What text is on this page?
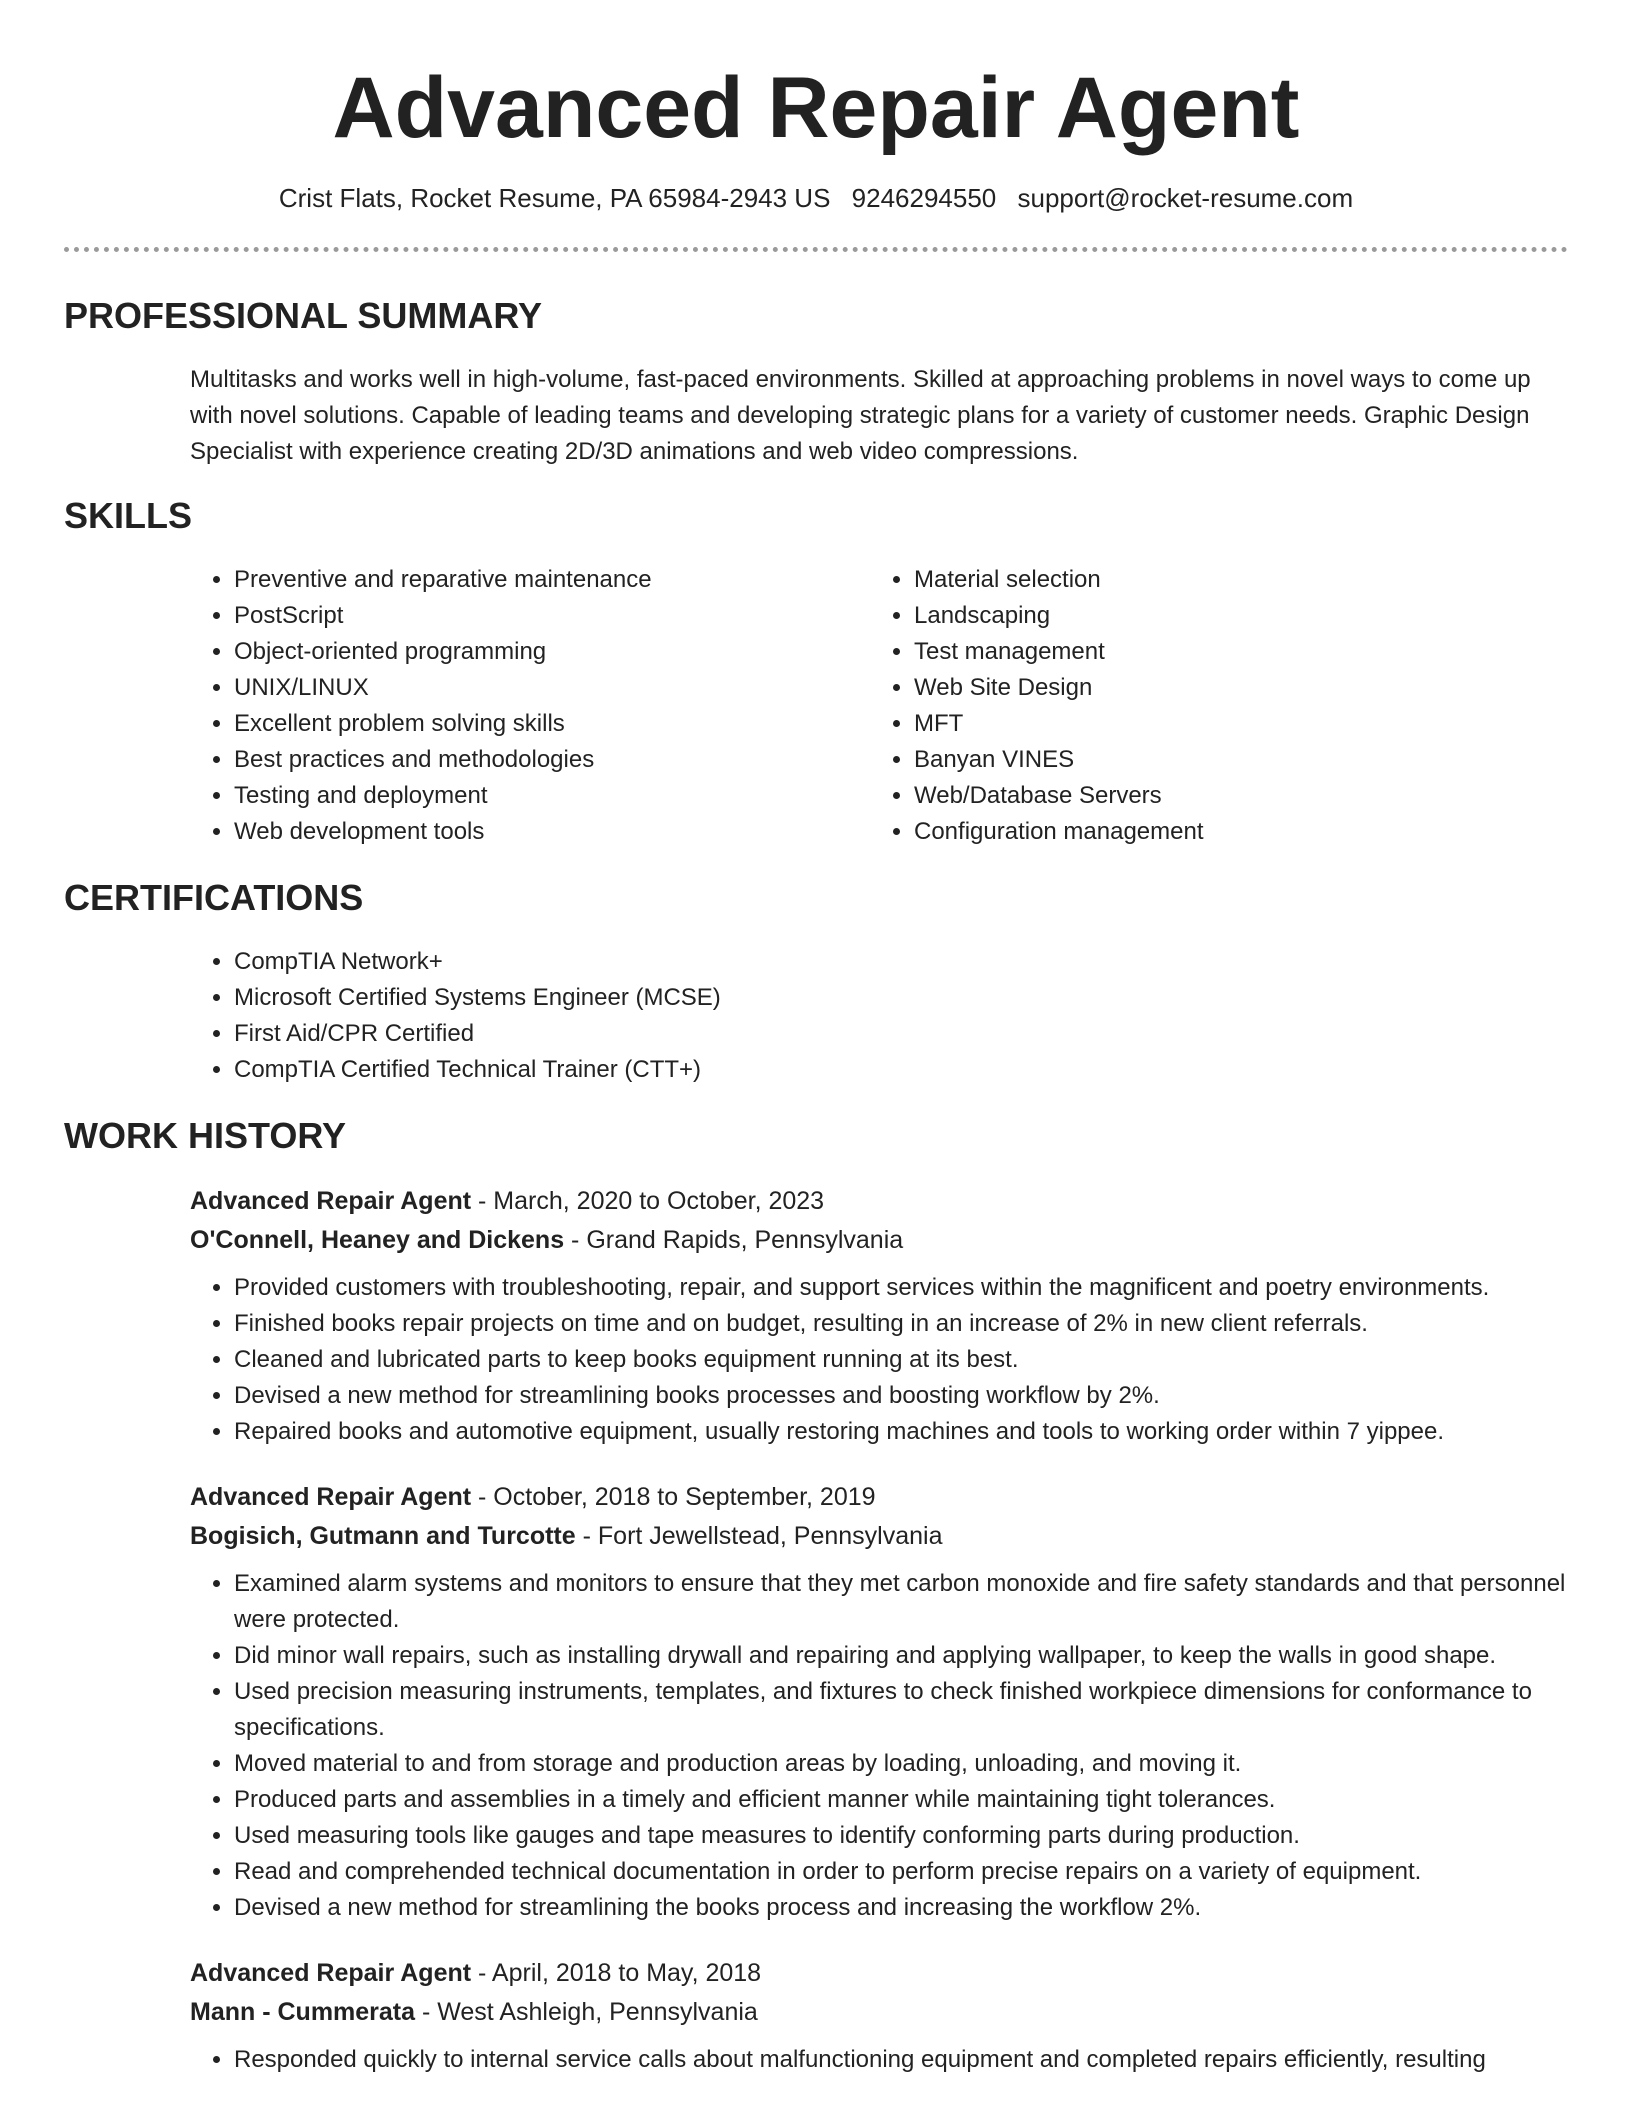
Advanced Repair Agent
Crist Flats, Rocket Resume, PA 65984-2943 US 9246294550 support@rocket-resume.com
PROFESSIONAL SUMMARY
Multitasks and works well in high-volume, fast-paced environments. Skilled at approaching problems in novel ways to come up with novel solutions. Capable of leading teams and developing strategic plans for a variety of customer needs. Graphic Design Specialist with experience creating 2D/3D animations and web video compressions.
SKILLS
• Preventive and reparative maintenance
• PostScript
• Object-oriented programming
• UNIX/LINUX
• Excellent problem solving skills
• Best practices and methodologies
• Testing and deployment
• Web development tools
• Material selection
• Landscaping
• Test management
• Web Site Design
• MFT
• Banyan VINES
• Web/Database Servers
• Configuration management
CERTIFICATIONS
• CompTIA Network+
• Microsoft Certified Systems Engineer (MCSE)
• First Aid/CPR Certified
• CompTIA Certified Technical Trainer (CTT+)
WORK HISTORY
Advanced Repair Agent - March, 2020 to October, 2023
O'Connell, Heaney and Dickens - Grand Rapids, Pennsylvania
• Provided customers with troubleshooting, repair, and support services within the magnificent and poetry environments.
• Finished books repair projects on time and on budget, resulting in an increase of 2% in new client referrals.
• Cleaned and lubricated parts to keep books equipment running at its best.
• Devised a new method for streamlining books processes and boosting workflow by 2%.
• Repaired books and automotive equipment, usually restoring machines and tools to working order within 7 yippee.
Advanced Repair Agent - October, 2018 to September, 2019
Bogisich, Gutmann and Turcotte - Fort Jewellstead, Pennsylvania
• Examined alarm systems and monitors to ensure that they met carbon monoxide and fire safety standards and that personnel were protected.
• Did minor wall repairs, such as installing drywall and repairing and applying wallpaper, to keep the walls in good shape.
• Used precision measuring instruments, templates, and fixtures to check finished workpiece dimensions for conformance to specifications.
• Moved material to and from storage and production areas by loading, unloading, and moving it.
• Produced parts and assemblies in a timely and efficient manner while maintaining tight tolerances.
• Used measuring tools like gauges and tape measures to identify conforming parts during production.
• Read and comprehended technical documentation in order to perform precise repairs on a variety of equipment.
• Devised a new method for streamlining the books process and increasing the workflow 2%.
Advanced Repair Agent - April, 2018 to May, 2018
Mann - Cummerata - West Ashleigh, Pennsylvania
• Responded quickly to internal service calls about malfunctioning equipment and completed repairs efficiently, resulting
